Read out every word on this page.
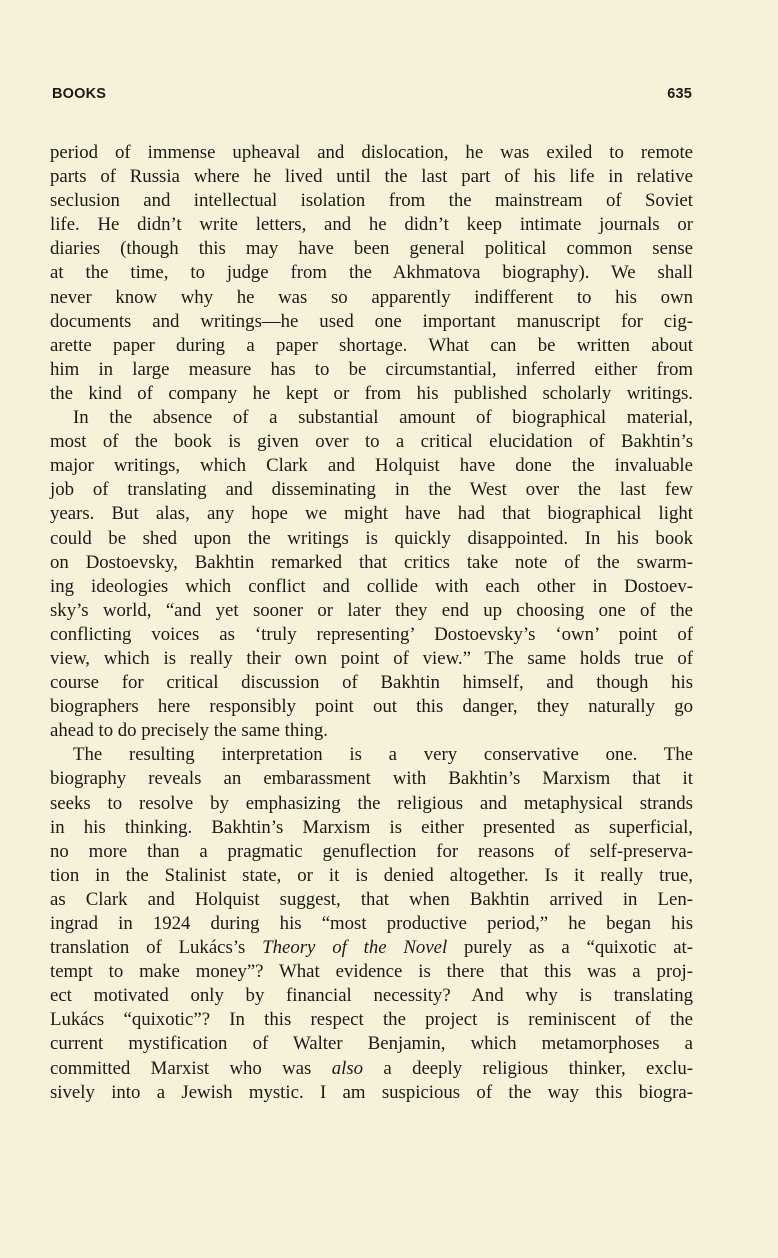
BOOKS	635
period of immense upheaval and dislocation, he was exiled to remote
parts of Russia where he lived until the last part of his life in relative
seclusion and intellectual isolation from the mainstream of Soviet
life. He didn’t write letters, and he didn’t keep intimate journals or
diaries (though this may have been general political common sense
at the time, to judge from the Akhmatova biography). We shall
never know why he was so apparently indifferent to his own
documents and writings—he used one important manuscript for cig-
arette paper during a paper shortage. What can be written about
him in large measure has to be circumstantial, inferred either from
the kind of company he kept or from his published scholarly writings.
In the absence of a substantial amount of biographical material,
most of the book is given over to a critical elucidation of Bakhtin’s
major writings, which Clark and Holquist have done the invaluable
job of translating and disseminating in the West over the last few
years. But alas, any hope we might have had that biographical light
could be shed upon the writings is quickly disappointed. In his book
on Dostoevsky, Bakhtin remarked that critics take note of the swarm-
ing ideologies which conflict and collide with each other in Dostoev-
sky’s world, “and yet sooner or later they end up choosing one of the
conflicting voices as ‘truly representing’ Dostoevsky’s ‘own’ point of
view, which is really their own point of view.” The same holds true of
course for critical discussion of Bakhtin himself, and though his
biographers here responsibly point out this danger, they naturally go
ahead to do precisely the same thing.
The resulting interpretation is a very conservative one. The
biography reveals an embarassment with Bakhtin’s Marxism that it
seeks to resolve by emphasizing the religious and metaphysical strands
in his thinking. Bakhtin’s Marxism is either presented as superficial,
no more than a pragmatic genuflection for reasons of self-preserva-
tion in the Stalinist state, or it is denied altogether. Is it really true,
as Clark and Holquist suggest, that when Bakhtin arrived in Len-
ingrad in 1924 during his “most productive period,” he began his
translation of Lukács’s Theory of the Novel purely as a “quixotic at-
tempt to make money”? What evidence is there that this was a proj-
ect motivated only by financial necessity? And why is translating
Lukács “quixotic”? In this respect the project is reminiscent of the
current mystification of Walter Benjamin, which metamorphoses a
committed Marxist who was also a deeply religious thinker, exclu-
sively into a Jewish mystic. I am suspicious of the way this biogra-
